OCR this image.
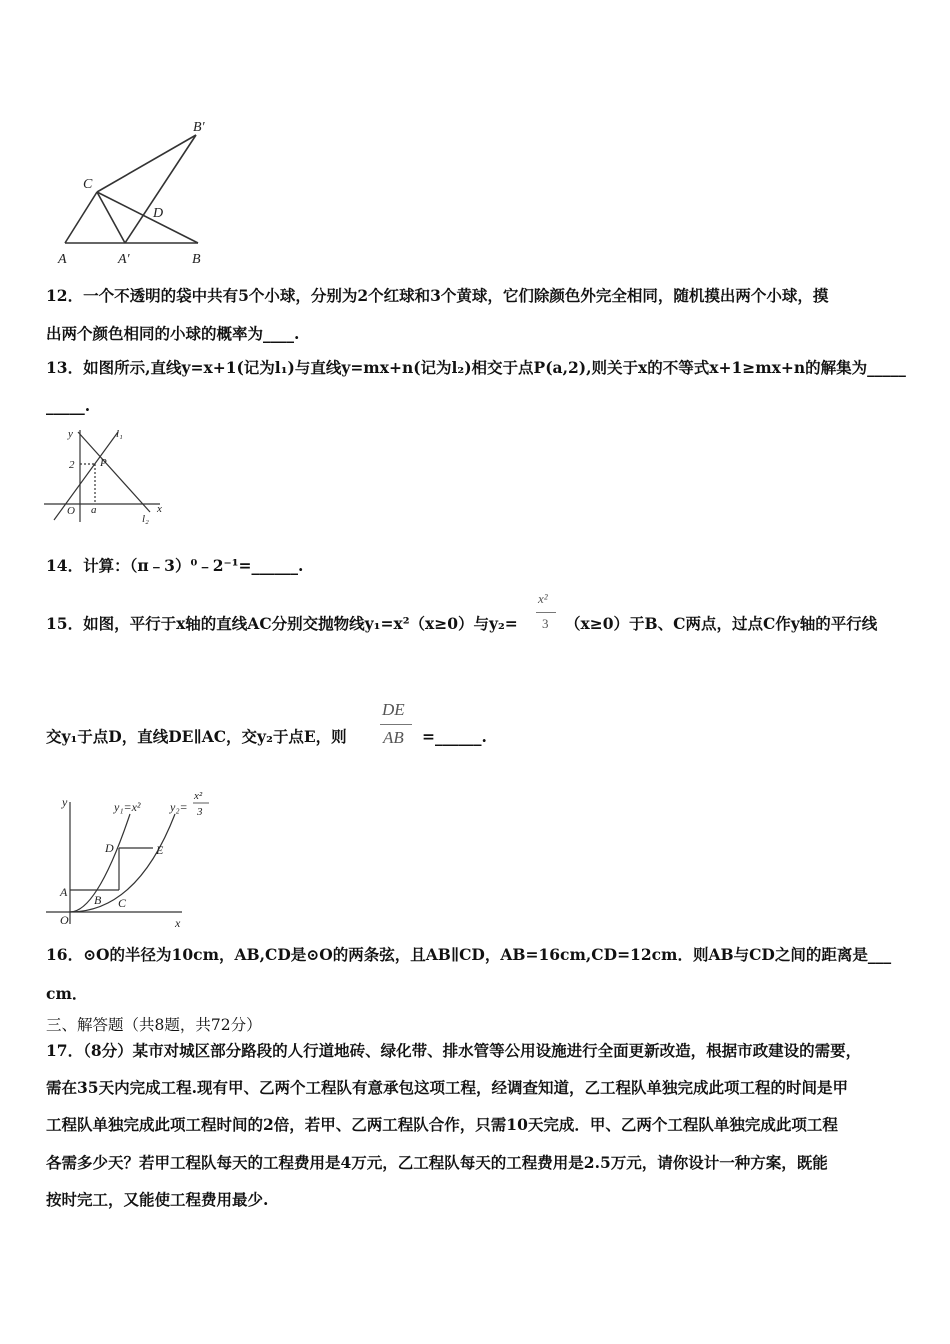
B′
C
D
A	A′	B
12．一个不透明的袋中共有5个小球，分别为2个红球和3个黄球，它们除颜色外完全相同，随机摸出两个小球，摸
出两个颜色相同的小球的概率为____.
13．如图所示,直线y=x+1(记为l₁)与直线y=mx+n(记为l₂)相交于点P(a,2),则关于x的不等式x+1≥mx+n的解集为_____
_____.
y	l₁
2 P
O a
l₂
x
14．计算：（π﹣3）⁰﹣2⁻¹=______.
x²
3
15．如图，平行于x轴的直线AC分别交抛物线y₁=x²（x≥0）与y₂=	（x≥0）于B、C两点，过点C作y轴的平行线
DE
AB
交y₁于点D，直线DE∥AC，交y₂于点E，则	=______.
y	y₁=x² y₂=
x²
3
D	E
A
B C
O	x
16．⊙O的半径为10cm，AB,CD是⊙O的两条弦，且AB∥CD，AB=16cm,CD=12cm．则AB与CD之间的距离是___
cm．
三、解答题（共8题，共72分）
17．（8分）某市对城区部分路段的人行道地砖、绿化带、排水管等公用设施进行全面更新改造，根据市政建设的需要，
需在35天内完成工程.现有甲、乙两个工程队有意承包这项工程，经调查知道，乙工程队单独完成此项工程的时间是甲
工程队单独完成此项工程时间的2倍，若甲、乙两工程队合作，只需10天完成．甲、乙两个工程队单独完成此项工程
各需多少天？若甲工程队每天的工程费用是4万元，乙工程队每天的工程费用是2.5万元，请你设计一种方案，既能
按时完工，又能使工程费用最少.
